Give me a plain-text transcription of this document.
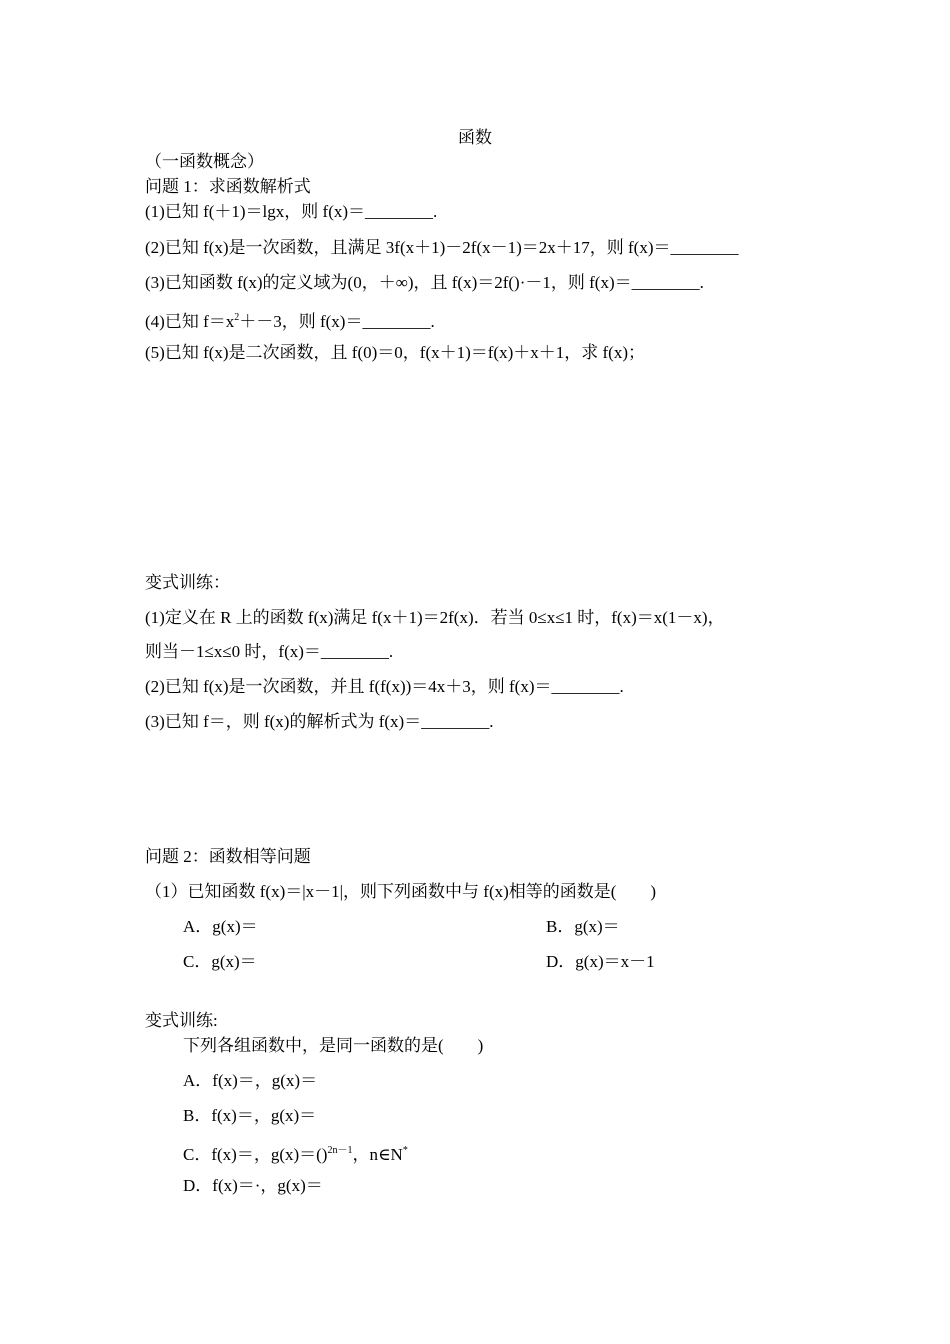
函数
（一函数概念）
问题 1：求函数解析式
(1)已知 f(＋1)＝lgx，则 f(x)＝________.
(2)已知 f(x)是一次函数，且满足 3f(x＋1)－2f(x－1)＝2x＋17，则 f(x)＝________
(3)已知函数 f(x)的定义域为(0，＋∞)，且 f(x)＝2f()·－1，则 f(x)＝________.
(4)已知 $f=x^2+-3$，则 f(x)＝________.
(5)已知 f(x)是二次函数，且 f(0)＝0，f(x＋1)＝f(x)＋x＋1，求 f(x)；
变式训练：
(1)定义在 R 上的函数 f(x)满足 f(x＋1)＝2f(x)．若当 0≤x≤1 时，f(x)＝x(1－x)，
则当－1≤x≤0 时，f(x)＝________.
(2)已知 f(x)是一次函数，并且 f(f(x))＝4x＋3，则 f(x)＝________.
(3)已知 f＝，则 f(x)的解析式为 f(x)＝________.
问题 2：函数相等问题
（1）已知函数 f(x)＝|x－1|，则下列函数中与 f(x)相等的函数是(　　)
A．g(x)＝	B．g(x)＝
C．g(x)＝	D．g(x)＝x－1
变式训练:
下列各组函数中，是同一函数的是(　　)
A．f(x)＝，g(x)＝
B．f(x)＝，g(x)＝
C．f(x)＝，g(x)＝()$^{2n-1}$，n∈N*
D．f(x)＝·，g(x)＝
